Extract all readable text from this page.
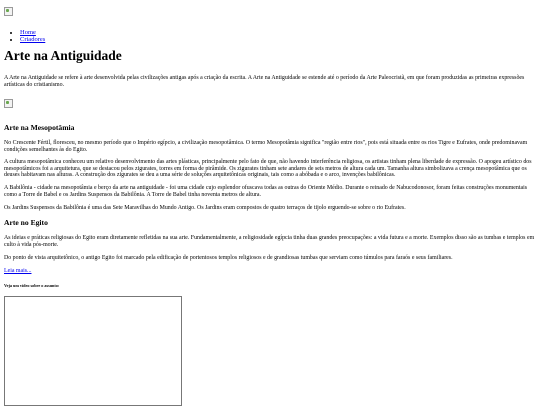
• Home
• Criadores
Arte na Antiguidade

A Arte na Antiguidade se refere à arte desenvolvida pelas civilizações antigas após a criação da escrita. A Arte na Antiguidade se estende até o período da Arte Paleocristã, em que foram produzidas as primeiras expressões artísticas do cristianismo.

Arte na Mesopotâmia

No Crescente Fértil, floresceu, no mesmo período que o Império egípcio, a civilização mesopotâmica. O termo Mesopotâmia significa "região entre rios", pois está situada entre os rios Tigre e Eufrates, onde predominavam condições semelhantes às do Egito.

A cultura mesopotâmica conheceu um relativo desenvolvimento das artes plásticas, principalmente pelo fato de que, não havendo interferência religiosa, os artistas tinham plena liberdade de expressão. O apogeu artístico dos mesopotâmicos foi a arquitetura, que se destacou pelos zigurates, torres em forma de pirâmide. Os zigurates tinham sete andares de seis metros de altura cada um. Tamanha altura simbolizava a crença mesopotâmica que os deuses habitavam nas alturas. A construção dos zigurates se deu a uma série de soluções arquitetônicas originais, tais como a abóbada e o arco, invenções babilônicas.

A Babilônia - cidade na mesopotâmia e berço da arte na antiguidade - foi uma cidade cujo esplendor ofuscava todas as outras do Oriente Médio. Durante o reinado de Nabucodonosor, foram feitas construções monumentais como a Torre de Babel e os Jardins Suspensos da Babilônia. A Torre de Babel tinha noventa metros de altura.

Os Jardins Suspensos da Babilônia é uma das Sete Maravilhas do Mundo Antigo. Os Jardins eram compostos de quatro terraços de tijolo erguendo-se sobre o rio Eufrates.

Arte no Egito

As ideias e práticas religiosas do Egito eram diretamente refletidas na sua arte. Fundamentalmente, a religiosidade egípcia tinha duas grandes preocupações: a vida futura e a morte. Exemplos disso são as tumbas e templos em culto à vida pós-morte.

Do ponto de vista arquitetônico, o antigo Egito foi marcado pela edificação de portentosos templos religiosos e de grandiosas tumbas que serviam como túmulos para faraós e seus familiares.

Leia mais...

Veja um vídeo sobre o assunto:
